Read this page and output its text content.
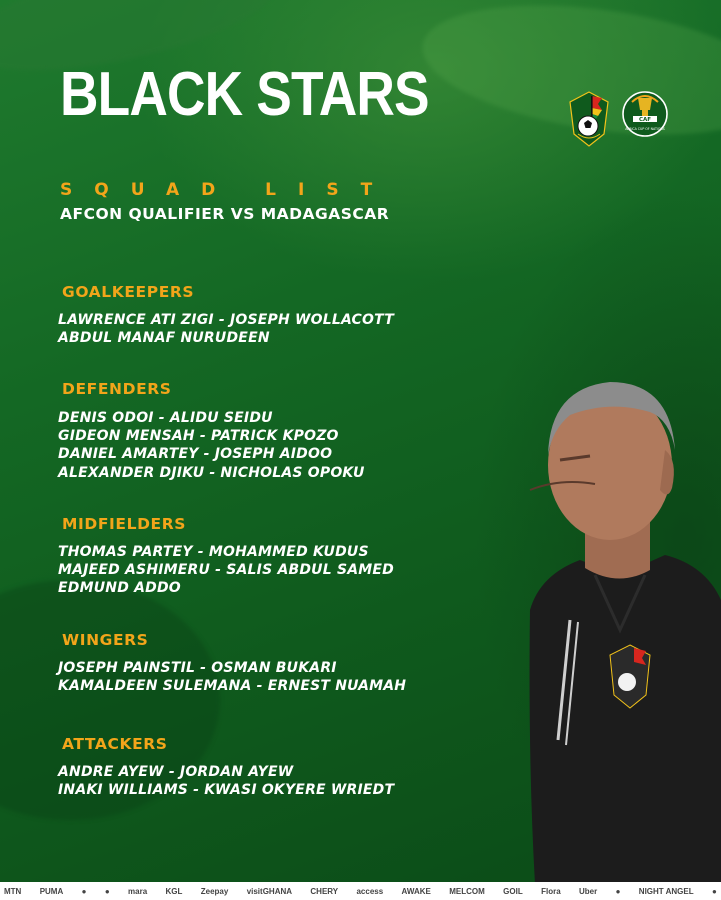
BLACK STARS
SQUAD LIST
AFCON QUALIFIER VS MADAGASCAR
CAF
AFRICA CUP OF NATIONS
GOALKEEPERS
LAWRENCE ATI ZIGI - JOSEPH WOLLACOTT
ABDUL MANAF NURUDEEN
DEFENDERS
DENIS ODOI - ALIDU SEIDU
GIDEON MENSAH - PATRICK KPOZO
DANIEL AMARTEY - JOSEPH AIDOO
ALEXANDER DJIKU - NICHOLAS OPOKU
MIDFIELDERS
THOMAS PARTEY - MOHAMMED KUDUS
MAJEED ASHIMERU - SALIS ABDUL SAMED
EDMUND ADDO
WINGERS
JOSEPH PAINSTIL - OSMAN BUKARI
KAMALDEEN SULEMANA - ERNEST NUAMAH
ATTACKERS
ANDRE AYEW - JORDAN AYEW
INAKI WILLIAMS - KWASI OKYERE WRIEDT
MTN PUMA ● ● mara KGL Zeepay visitGHANA CHERY access AWAKE MELCOM GOIL Flora Uber ● NIGHT ANGEL ●
